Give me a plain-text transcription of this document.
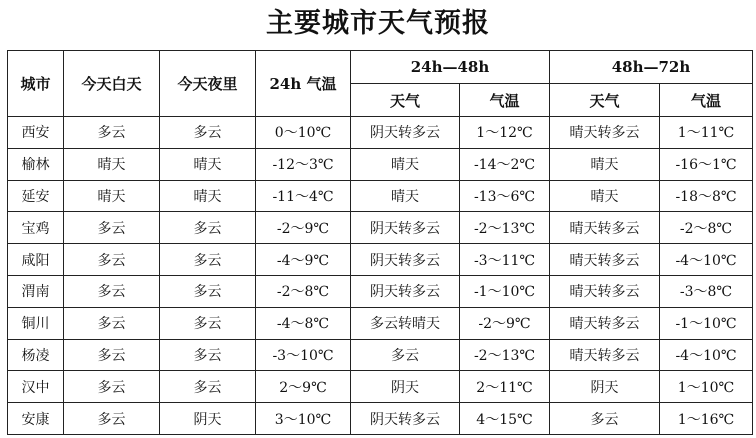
主要城市天气预报
城市	今天白天	今天夜里	24h 气温	24h—48h		48h—72h	
				天气	气温	天气	气温
西安	多云	多云	0～10℃	阴天转多云	1～12℃	晴天转多云	1～11℃
榆林	晴天	晴天	-12～3℃	晴天	-14～2℃	晴天	-16～1℃
延安	晴天	晴天	-11～4℃	晴天	-13～6℃	晴天	-18～8℃
宝鸡	多云	多云	-2～9℃	阴天转多云	-2～13℃	晴天转多云	-2～8℃
咸阳	多云	多云	-4～9℃	阴天转多云	-3～11℃	晴天转多云	-4～10℃
渭南	多云	多云	-2～8℃	阴天转多云	-1～10℃	晴天转多云	-3～8℃
铜川	多云	多云	-4～8℃	多云转晴天	-2～9℃	晴天转多云	-1～10℃
杨凌	多云	多云	-3～10℃	多云	-2～13℃	晴天转多云	-4～10℃
汉中	多云	多云	2～9℃	阴天	2～11℃	阴天	1～10℃
安康	多云	阴天	3～10℃	阴天转多云	4～15℃	多云	1～16℃
